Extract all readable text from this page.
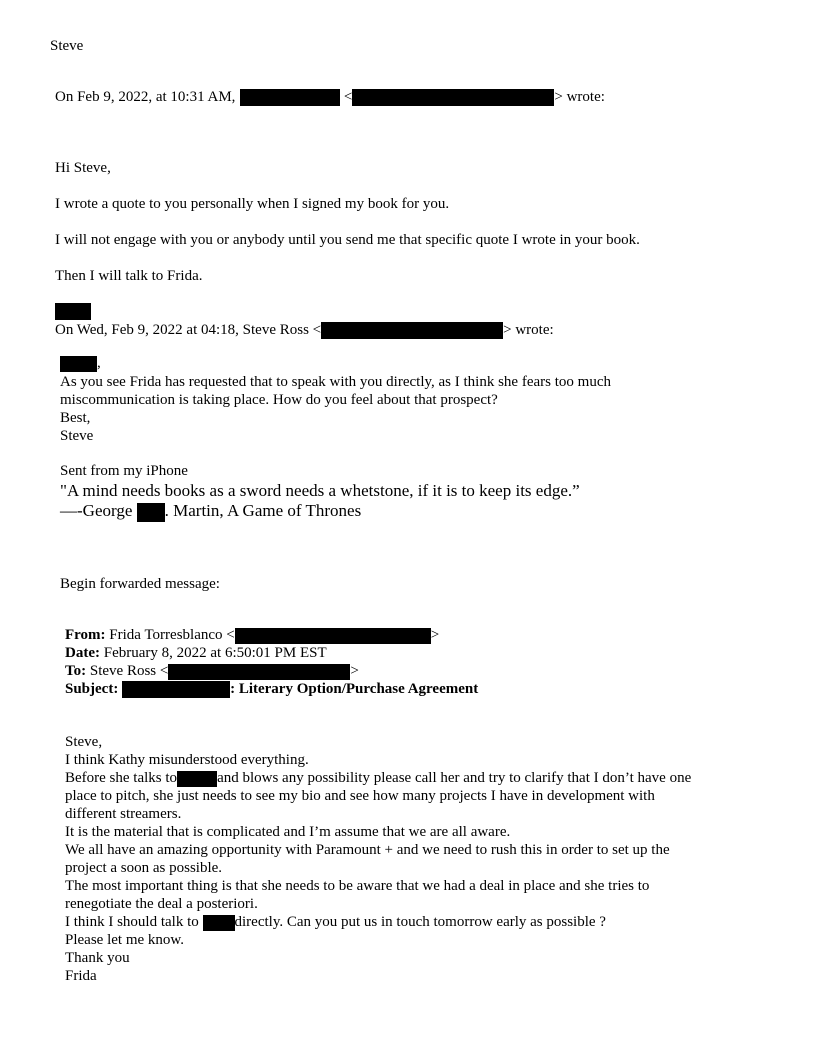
Steve
On Feb 9, 2022, at 10:31 AM,	<	> wrote:
Hi Steve,
I wrote a quote to you personally when I signed my book for you.
I will not engage with you or anybody until you send me that specific quote I wrote in your book.
Then I will talk to Frida.
On Wed, Feb 9, 2022 at 04:18, Steve Ross <	> wrote:
,
As you see Frida has requested that to speak with you directly, as I think she fears too much
miscommunication is taking place. How do you feel about that prospect?
Best,
Steve
Sent from my iPhone
"A mind needs books as a sword needs a whetstone, if it is to keep its edge.”
—-George . Martin, A Game of Thrones
Begin forwarded message:
From: Frida Torresblanco <	>
Date: February 8, 2022 at 6:50:01 PM EST
To: Steve Ross <	>
Subject:	: Literary Option/Purchase Agreement
Steve,
I think Kathy misunderstood everything.
Before she talks to	and blows any possibility please call her and try to clarify that I don’t have one
place to pitch, she just needs to see my bio and see how many projects I have in development with
different streamers.
It is the material that is complicated and I’m assume that we are all aware.
We all have an amazing opportunity with Paramount + and we need to rush this in order to set up the
project a soon as possible.
The most important thing is that she needs to be aware that we had a deal in place and she tries to
renegotiate the deal a posteriori.
I think I should talk to directly. Can you put us in touch tomorrow early as possible ?
Please let me know.
Thank you
Frida
